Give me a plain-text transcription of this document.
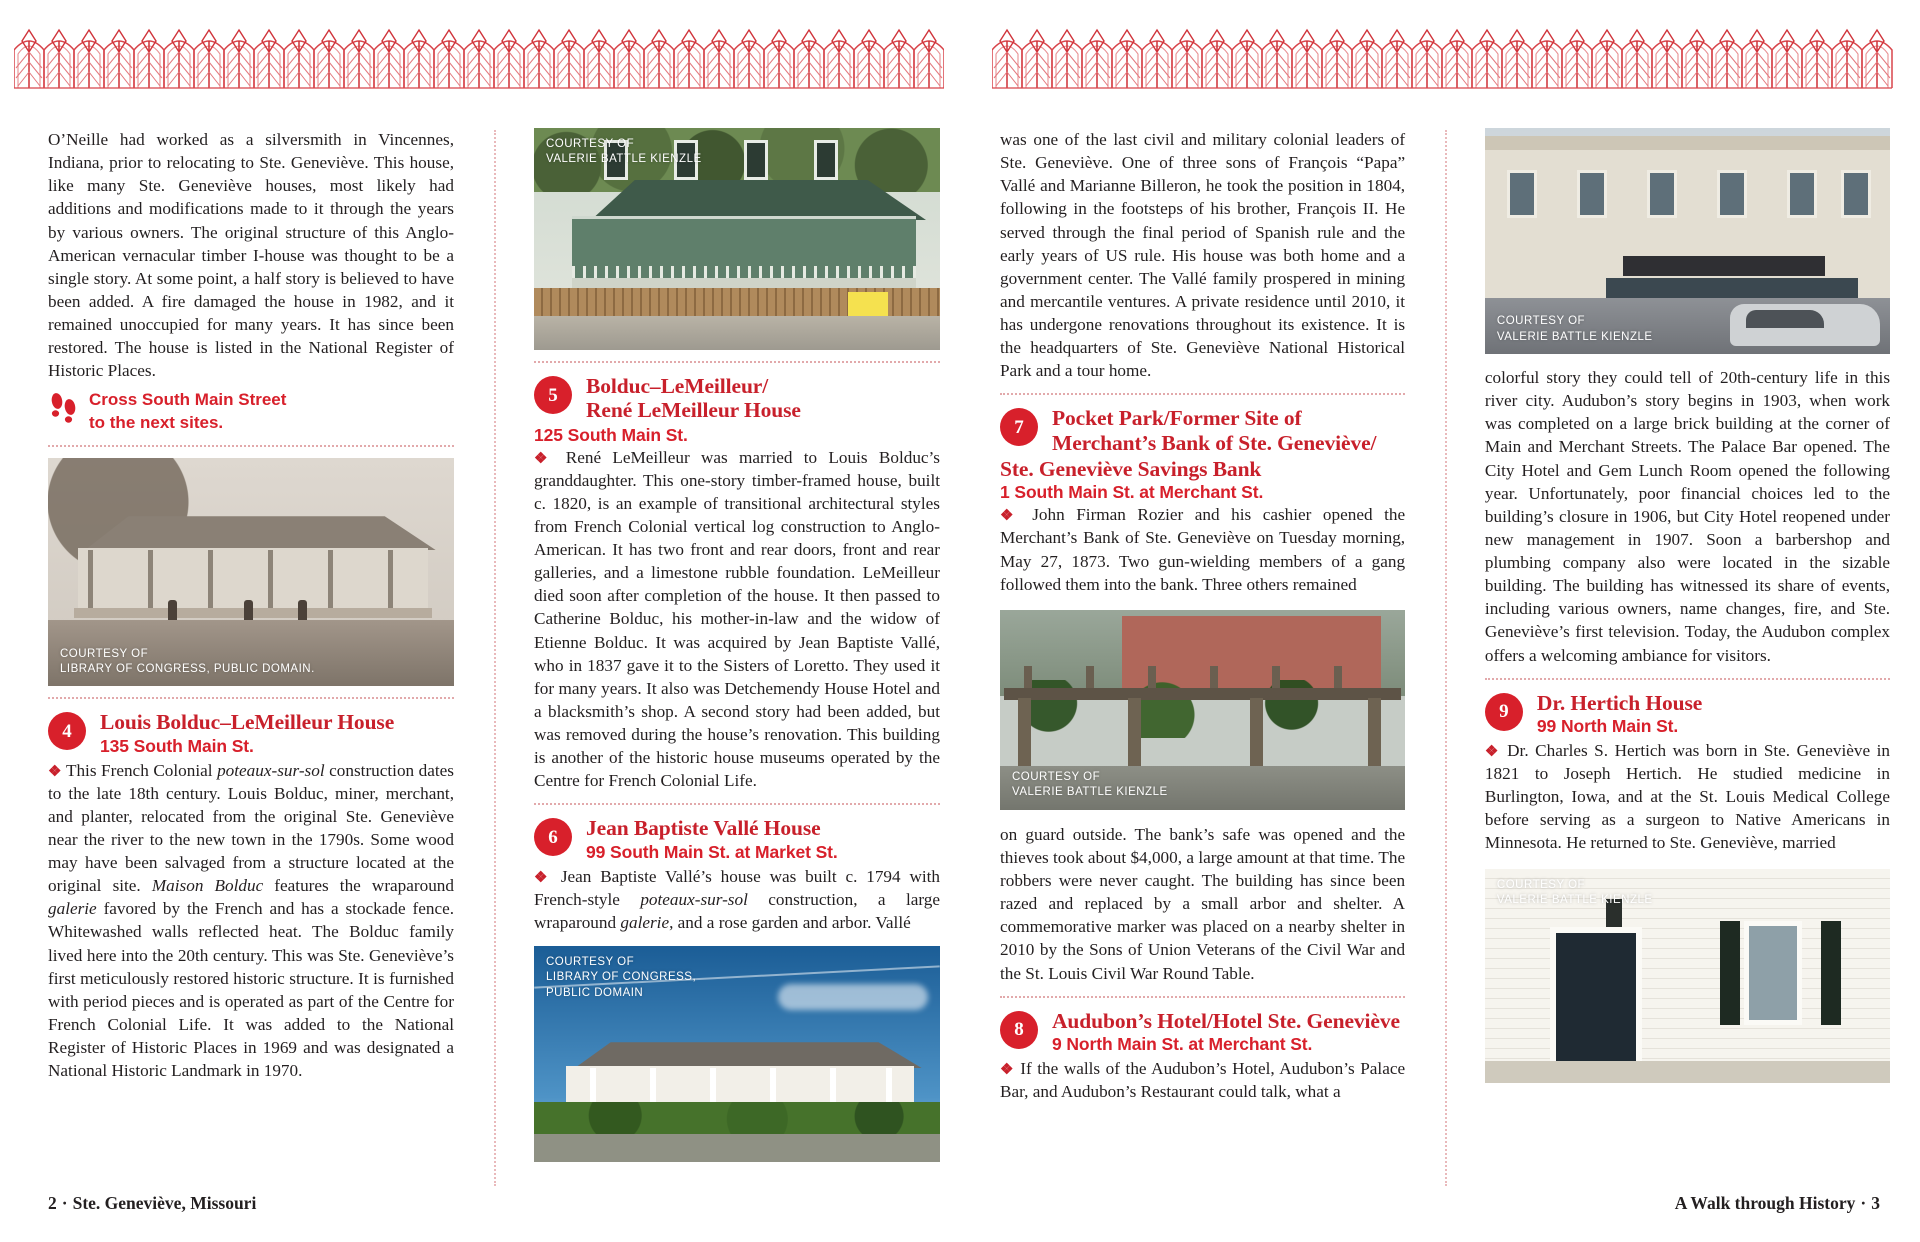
O’Neille had worked as a silversmith in Vincennes, Indiana, prior to relocating to Ste. Geneviève. This house, like many Ste. Geneviève houses, most likely had additions and modifications made to it through the years by various owners. The original structure of this Anglo-American vernacular timber I-house was thought to be a single story. At some point, a half story is believed to have been added. A fire damaged the house in 1982, and it remained unoccupied for many years. It has since been restored. The house is listed in the National Register of Historic Places.

Cross South Main Street
to the next sites.
COURTESY OF
LIBRARY OF CONGRESS, PUBLIC DOMAIN.
4	Louis Bolduc–LeMeilleur House
135 South Main St.

❖ This French Colonial poteaux-sur-sol construction dates to the late 18th century. Louis Bolduc, miner, merchant, and planter, relocated from the original Ste. Geneviève near the river to the new town in the 1790s. Some wood may have been salvaged from a structure located at the original site. Maison Bolduc features the wraparound galerie favored by the French and has a stockade fence. Whitewashed walls reflected heat. The Bolduc family lived here into the 20th century. This was Ste. Geneviève’s first meticulously restored historic structure. It is furnished with period pieces and is operated as part of the Centre for French Colonial Life. It was added to the National Register of Historic Places in 1969 and was designated a National Historic Landmark in 1970.

COURTESY OF
VALERIE BATTLE KIENZLE
5	Bolduc–LeMeilleur/
René LeMeilleur House
125 South Main St.

❖ René LeMeilleur was married to Louis Bolduc’s granddaughter. This one-story timber-framed house, built c. 1820, is an example of transitional architectural styles from French Colonial vertical log construction to Anglo-American. It has two front and rear doors, front and rear galleries, and a limestone rubble foundation. LeMeilleur died soon after completion of the house. It then passed to Catherine Bolduc, his mother-in-law and the widow of Etienne Bolduc. It was acquired by Jean Baptiste Vallé, who in 1837 gave it to the Sisters of Loretto. They used it for many years. It also was Detchemendy House Hotel and a blacksmith’s shop. A second story had been added, but was removed during the house’s renovation. This building is another of the historic house museums operated by the Centre for French Colonial Life.

6	Jean Baptiste Vallé House
99 South Main St. at Market St.

❖ Jean Baptiste Vallé’s house was built c. 1794 with French-style poteaux-sur-sol construction, a large wraparound galerie, and a rose garden and arbor. Vallé

COURTESY OF
LIBRARY OF CONGRESS,
PUBLIC DOMAIN
2 · Ste. Geneviève, Missouri

was one of the last civil and military colonial leaders of Ste. Geneviève. One of three sons of François “Papa” Vallé and Marianne Billeron, he took the position in 1804, following in the footsteps of his brother, François II. He served through the final period of Spanish rule and the early years of US rule. His house was both home and a government center. The Vallé family prospered in mining and mercantile ventures. A private residence until 2010, it has undergone renovations throughout its existence. It is the headquarters of Ste. Geneviève National Historical Park and a tour home.

7	Pocket Park/Former Site of
Merchant’s Bank of Ste. Geneviève/
Ste. Geneviève Savings Bank
1 South Main St. at Merchant St.

❖ John Firman Rozier and his cashier opened the Merchant’s Bank of Ste. Geneviève on Tuesday morning, May 27, 1873. Two gun-wielding members of a gang followed them into the bank. Three others remained

COURTESY OF
VALERIE BATTLE KIENZLE

on guard outside. The bank’s safe was opened and the thieves took about $4,000, a large amount at that time. The robbers were never caught. The building has since been razed and replaced by a small arbor and shelter. A commemorative marker was placed on a nearby shelter in 2010 by the Sons of Union Veterans of the Civil War and the St. Louis Civil War Round Table.

8	Audubon’s Hotel/Hotel Ste. Geneviève
9 North Main St. at Merchant St.

❖ If the walls of the Audubon’s Hotel, Audubon’s Palace Bar, and Audubon’s Restaurant could talk, what a

COURTESY OF
VALERIE BATTLE KIENZLE

colorful story they could tell of 20th-century life in this river city. Audubon’s story begins in 1903, when work was completed on a large brick building at the corner of Main and Merchant Streets. The Palace Bar opened. The City Hotel and Gem Lunch Room opened the following year. Unfortunately, poor financial choices led to the building’s closure in 1906, but City Hotel reopened under new management in 1907. Soon a barbershop and plumbing company also were located in the sizable building. The building has witnessed its share of events, including various owners, name changes, fire, and Ste. Geneviève’s first television. Today, the Audubon complex offers a welcoming ambiance for visitors.

9	Dr. Hertich House
99 North Main St.

❖ Dr. Charles S. Hertich was born in Ste. Geneviève in 1821 to Joseph Hertich. He studied medicine in Burlington, Iowa, and at the St. Louis Medical College before serving as a surgeon to Native Americans in Minnesota. He returned to Ste. Geneviève, married

COURTESY OF
VALERIE BATTLE KIENZLE
A Walk through History · 3
